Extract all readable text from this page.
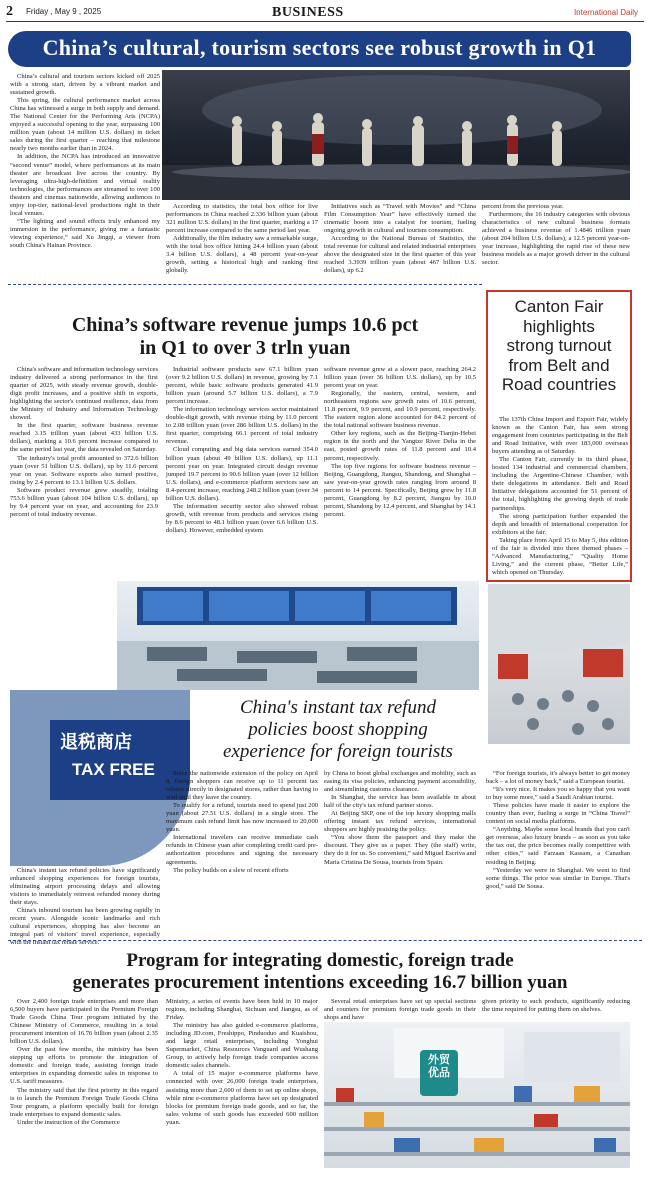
2 Friday , May 9 , 2025	BUSINESS	International Daily
China’s cultural, tourism sectors see robust growth in Q1

China’s cultural and tourism sectors kicked off 2025 with a strong start, driven by a vibrant market and sustained growth.

This spring, the cultural performance market across China has witnessed a surge in both supply and demand. The National Center for the Performing Arts (NCPA) enjoyed a successful opening to the year, surpassing 100 million yuan (about 14 million U.S. dollars) in ticket sales during the first quarter – reaching that milestone nearly two months earlier than in 2024.

In addition, the NCPA has introduced an innovative “second venue” model, where performances at its main theater are broadcast live across the country. By leveraging ultra-high-definition and virtual reality technologies, the performances are streamed to over 100 theaters and cinemas nationwide, allowing audiences to enjoy top-tier, national-level productions right in their local venues.

“The lighting and sound effects truly enhanced my immersion in the performance, giving me a fantastic viewing experience,” said Xu Jingqi, a viewer from south China's Hainan Province.

According to statistics, the total box office for live performances in China reached 2.336 billion yuan (about 321 million U.S. dollars) in the first quarter, marking a 17 percent increase compared to the same period last year.

Additionally, the film industry saw a remarkable surge, with the total box office hitting 24.4 billion yuan (about 3.4 billion U.S. dollars), a 48 percent year-on-year growth, setting a historical high and ranking first globally.

Initiatives such as “Travel with Movies” and “China Film Consumption Year” have effectively turned the cinematic boom into a catalyst for tourism, fueling ongoing growth in cultural and tourism consumption.

According to the National Bureau of Statistics, the total revenue for cultural and related industrial enterprises above the designated size in the first quarter of this year reached 3.3939 trillion yuan (about 467 billion U.S. dollars), up 6.2

percent from the previous year.

Furthermore, the 16 industry categories with obvious characteristics of new cultural business formats achieved a business revenue of 1.4846 trillion yuan (about 204 billion U.S. dollars), a 12.5 percent year-on-year increase, highlighting the rapid rise of these new business models as a major growth driver in the cultural sector.

China’s software revenue jumps 10.6 pct
in Q1 to over 3 trln yuan

China's software and information technology services industry delivered a strong performance in the first quarter of 2025, with steady revenue growth, double-digit profit increases, and a positive shift in exports, highlighting the sector's continued resilience, data from the Ministry of Industry and Information Technology showed.

In the first quarter, software business revenue reached 3.15 trillion yuan (about 433 billion U.S. dollars), marking a 10.6 percent increase compared to the same period last year, the data revealed on Saturday.

The industry's total profit amounted to 372.6 billion yuan (over 51 billion U.S. dollars), up by 11.6 percent year on year. Software exports also turned positive, rising by 2.4 percent to 13.1 billion U.S. dollars.

Software product revenue grew steadily, totaling 753.6 billion yuan (about 104 billion U.S. dollars), up by 9.4 percent year on year, and accounting for 23.9 percent of total industry revenue.

Industrial software products saw 67.1 billion yuan (over 9.2 billion U.S. dollars) in revenue, growing by 7.1 percent, while basic software products generated 41.9 billion yuan (around 5.7 billion U.S. dollars), a 7.9 percent increase.

The information technology services sector maintained double-digit growth, with revenue rising by 11.0 percent to 2.08 trillion yuan (over 286 billion U.S. dollars) in the first quarter, comprising 66.1 percent of total industry revenue.

Cloud computing and big data services earned 354.0 billion yuan (about 49 billion U.S. dollars), up 11.1 percent year on year. Integrated circuit design revenue jumped 19.7 percent to 90.6 billion yuan (over 12 billion U.S. dollars), and e-commerce platform services saw an 8.4-percent increase, reaching 248.2 billion yuan (over 34 billion U.S. dollars).

The information security sector also showed robust growth, with revenue from products and services rising by 8.6 percent to 48.1 billion yuan (over 6.6 billion U.S. dollars). However, embedded system

software revenue grew at a slower pace, reaching 264.2 billion yuan (over 36 billion U.S. dollars), up by 10.5 percent year on year.

Regionally, the eastern, central, western, and northeastern regions saw growth rates of 10.6 percent, 11.8 percent, 9.9 percent, and 10.9 percent, respectively. The eastern region alone accounted for 84.2 percent of the total national software business revenue.

Other key regions, such as the Beijing-Tianjin-Hebei region in the north and the Yangtze River Delta in the east, posted growth rates of 11.8 percent and 10.4 percent, respectively.

The top five regions for software business revenue – Beijing, Guangdong, Jiangsu, Shandong, and Shanghai – saw year-on-year growth rates ranging from around 8 percent to 14 percent. Specifically, Beijing grew by 11.8 percent, Guangdong by 8.2 percent, Jiangsu by 10.0 percent, Shandong by 12.4 percent, and Shanghai by 14.1 percent.

Canton Fair
highlights
strong turnout
from Belt and
Road countries

The 137th China Import and Export Fair, widely known as the Canton Fair, has seen strong engagement from countries participating in the Belt and Road Initiative, with over 183,000 overseas buyers attending as of Saturday.

The Canton Fair, currently in its third phase, hosted 134 industrial and commercial chambers, including the Argentine-Chinese Chamber, with their delegations in attendance. Belt and Road Initiative delegations accounted for 51 percent of the total, highlighting the growing depth of trade partnerships.

The strong participation further expanded the depth and breadth of international cooperation for exhibitors at the fair.

Taking place from April 15 to May 5, this edition of the fair is divided into three themed phases – “Advanced Manufacturing,” “Quality Home Living,” and the current phase, “Better Life,” which opened on Thursday.

退税商店
TAX FREE
China's instant tax refund
policies boost shopping
experience for foreign tourists

China's instant tax refund policies have significantly enhanced shopping experiences for foreign tourists, eliminating airport processing delays and allowing visitors to immediately reinvest refunded money during their stays.

China's inbound tourism has been growing rapidly in recent years. Alongside iconic landmarks and rich cultural experiences, shopping has also become an integral part of visitors' travel experience, especially with the instant tax rebate service.

Since the nationwide extension of the policy on April 8, foreign shoppers can receive up to 11 percent tax rebates directly in designated stores, rather than having to wait until they leave the country.

To qualify for a refund, tourists need to spend just 200 yuan (about 27.51 U.S. dollars) in a single store. The maximum cash refund limit has now increased to 20,000 yuan.

International travelers can receive immediate cash refunds in Chinese yuan after completing credit card pre-authorization procedures and signing the necessary agreements.

The policy builds on a slew of recent efforts

by China to boost global exchanges and mobility, such as easing its visa policies, enhancing payment accessibility, and streamlining customs clearance.

In Shanghai, the service has been available in about half of the city's tax refund partner stores.

At Beijing SKP, one of the top luxury shopping malls offering instant tax refund services, international shoppers are highly praising the policy.

“You show them the passport and they make the discount. They give us a paper. They (the staff) write, they do it for us. So convenient,” said Miguel Escriva and Maria Cristina De Sousa, tourists from Spain.

“For foreign tourists, it's always better to get money back – a lot of money back,” said a European tourist.

“It's very nice. It makes you so happy that you want to buy some more,” said a Saudi Arabian tourist.

These policies have made it easier to explore the country than ever, fueling a surge in “China Travel” content on social media platforms.

“Anything. Maybe some local brands that you can't get overseas, also luxury brands – as soon as you take the tax out, the price becomes really competitive with other cities,” said Farzaan Kassam, a Canadian residing in Beijing.

“Yesterday we were in Shanghai. We went to find some things. The price was similar in Europe. That's good,” said De Sousa.

Program for integrating domestic, foreign trade
generates procurement intentions exceeding 16.7 billion yuan

Over 2,400 foreign trade enterprises and more than 6,500 buyers have participated in the Premium Foreign Trade Goods China Tour program initiated by the Chinese Ministry of Commerce, resulting in a total procurement intention of 16.76 billion yuan (about 2.35 billion U.S. dollars).

Over the past few months, the ministry has been stepping up efforts to promote the integration of domestic and foreign trade, assisting foreign trade enterprises in expanding domestic sales in response to U.S. tariff measures.

The ministry said that the first priority in this regard is to launch the Premium Foreign Trade Goods China Tour program, a platform specially built for foreign trade enterprises to expand domestic sales.

Under the instruction of the Commerce

Ministry, a series of events have been held in 10 major regions, including Shanghai, Sichuan and Jiangsu, as of Friday.

The ministry has also guided e-commerce platforms, including JD.com, Freshippo, Pinduoduo and Kuaishou, and large retail enterprises, including Yonghui Supermarket, China Resources Vanguard and Wushang Group, to actively help foreign trade companies access domestic sales channels.

A total of 15 major e-commerce platforms have connected with over 26,000 foreign trade enterprises, assisting more than 2,600 of them to set up online shops, while nine e-commerce platforms have set up designated blocks for premium foreign trade goods, and so far, the sales volume of such goods has exceeded 600 million yuan.

Several retail enterprises have set up special sections and counters for premium foreign trade goods in their shops and have

given priority to such products, significantly reducing the time required for putting them on shelves.

外贸优品
